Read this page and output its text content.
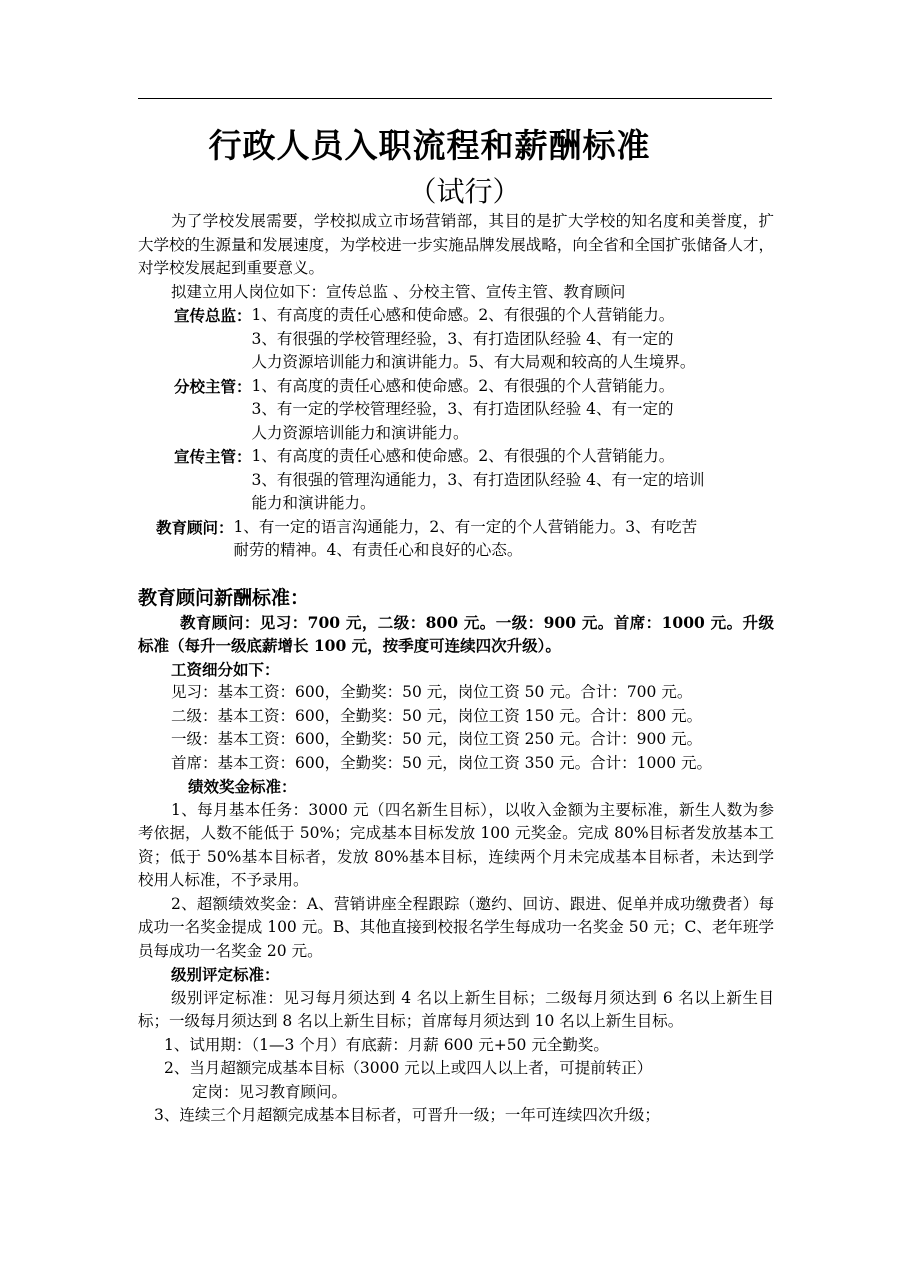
行政人员入职流程和薪酬标准
（试行）

为了学校发展需要，学校拟成立市场营销部，其目的是扩大学校的知名度和美誉度，扩大学校的生源量和发展速度，为学校进一步实施品牌发展战略，向全省和全国扩张储备人才，对学校发展起到重要意义。

拟建立用人岗位如下：宣传总监 、分校主管、宣传主管、教育顾问

宣传总监： 1、有高度的责任心感和使命感。2、有很强的个人营销能力。
3、有很强的学校管理经验，3、有打造团队经验 4、有一定的
人力资源培训能力和演讲能力。5、有大局观和较高的人生境界。
分校主管： 1、有高度的责任心感和使命感。2、有很强的个人营销能力。
3、有一定的学校管理经验，3、有打造团队经验 4、有一定的
人力资源培训能力和演讲能力。
宣传主管： 1、有高度的责任心感和使命感。2、有很强的个人营销能力。
3、有很强的管理沟通能力，3、有打造团队经验 4、有一定的培训
能力和演讲能力。
教育顾问： 1、有一定的语言沟通能力，2、有一定的个人营销能力。3、有吃苦
耐劳的精神。4、有责任心和良好的心态。
教育顾问新酬标准：

教育顾问：见习：700 元，二级：800 元。一级：900 元。首席：1000 元。升级标准（每升一级底薪增长 100 元，按季度可连续四次升级）。

工资细分如下：

见习：基本工资：600，全勤奖：50 元，岗位工资 50 元。合计：700 元。
二级：基本工资：600，全勤奖：50 元，岗位工资 150 元。合计：800 元。
一级：基本工资：600，全勤奖：50 元，岗位工资 250 元。合计：900 元。
首席：基本工资：600，全勤奖：50 元，岗位工资 350 元。合计：1000 元。

绩效奖金标准：

1、每月基本任务：3000 元（四名新生目标），以收入金额为主要标准，新生人数为参考依据，人数不能低于 50%；完成基本目标发放 100 元奖金。完成 80%目标者发放基本工资；低于 50%基本目标者，发放 80%基本目标，连续两个月未完成基本目标者，未达到学校用人标准，不予录用。

2、超额绩效奖金：A、营销讲座全程跟踪（邀约、回访、跟进、促单并成功缴费者）每成功一名奖金提成 100 元。B、其他直接到校报名学生每成功一名奖金 50 元；C、老年班学员每成功一名奖金 20 元。

级别评定标准：

级别评定标准：见习每月须达到 4 名以上新生目标；二级每月须达到 6 名以上新生目标；一级每月须达到 8 名以上新生目标；首席每月须达到 10 名以上新生目标。

1、试用期：（1—3 个月）有底薪：月薪 600 元+50 元全勤奖。
2、当月超额完成基本目标（3000 元以上或四人以上者，可提前转正）
定岗：见习教育顾问。
3、连续三个月超额完成基本目标者，可晋升一级；一年可连续四次升级；
